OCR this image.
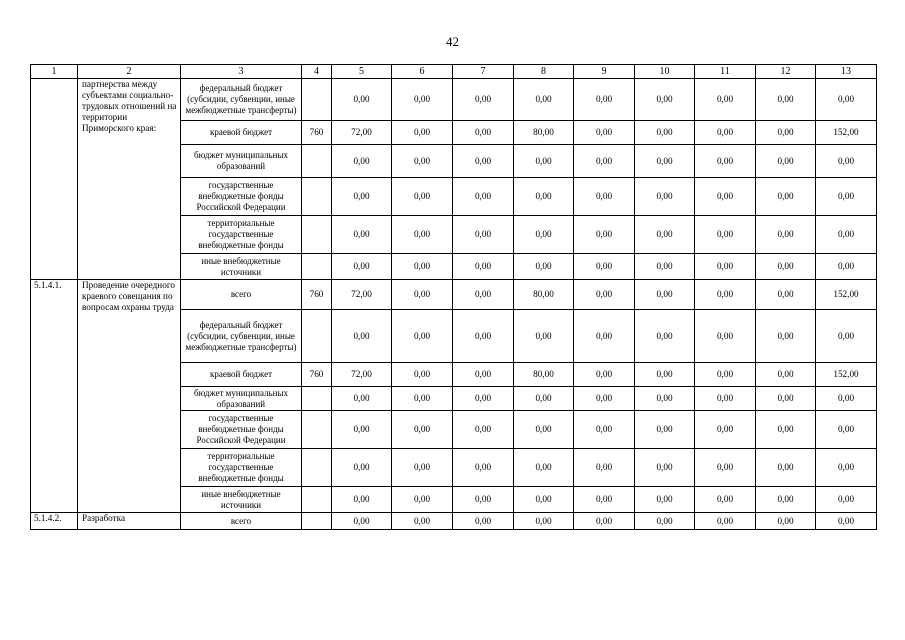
42
1	2	3	4	5	6	7	8	9	10	11	12	13
	партнерства между субъектами социально-трудовых отношений на территории Приморского края:	федеральный бюджет (субсидии, субвенции, иные межбюджетные трансферты)		0,00	0,00	0,00	0,00	0,00	0,00	0,00	0,00	0,00
		краевой бюджет	760	72,00	0,00	0,00	80,00	0,00	0,00	0,00	0,00	152,00
		бюджет муниципальных образований		0,00	0,00	0,00	0,00	0,00	0,00	0,00	0,00	0,00
		государственные внебюджетные фонды Российской Федерации		0,00	0,00	0,00	0,00	0,00	0,00	0,00	0,00	0,00
		территориальные государственные внебюджетные фонды		0,00	0,00	0,00	0,00	0,00	0,00	0,00	0,00	0,00
		иные внебюджетные источники		0,00	0,00	0,00	0,00	0,00	0,00	0,00	0,00	0,00
5.1.4.1.	Проведение очередного краевого совещания по вопросам охраны труда	всего	760	72,00	0,00	0,00	80,00	0,00	0,00	0,00	0,00	152,00
		федеральный бюджет (субсидии, субвенции, иные межбюджетные трансферты)		0,00	0,00	0,00	0,00	0,00	0,00	0,00	0,00	0,00
		краевой бюджет	760	72,00	0,00	0,00	80,00	0,00	0,00	0,00	0,00	152,00
		бюджет муниципальных образований		0,00	0,00	0,00	0,00	0,00	0,00	0,00	0,00	0,00
		государственные внебюджетные фонды Российской Федерации		0,00	0,00	0,00	0,00	0,00	0,00	0,00	0,00	0,00
		территориальные государственные внебюджетные фонды		0,00	0,00	0,00	0,00	0,00	0,00	0,00	0,00	0,00
		иные внебюджетные источники		0,00	0,00	0,00	0,00	0,00	0,00	0,00	0,00	0,00
5.1.4.2.	Разработка	всего		0,00	0,00	0,00	0,00	0,00	0,00	0,00	0,00	0,00
